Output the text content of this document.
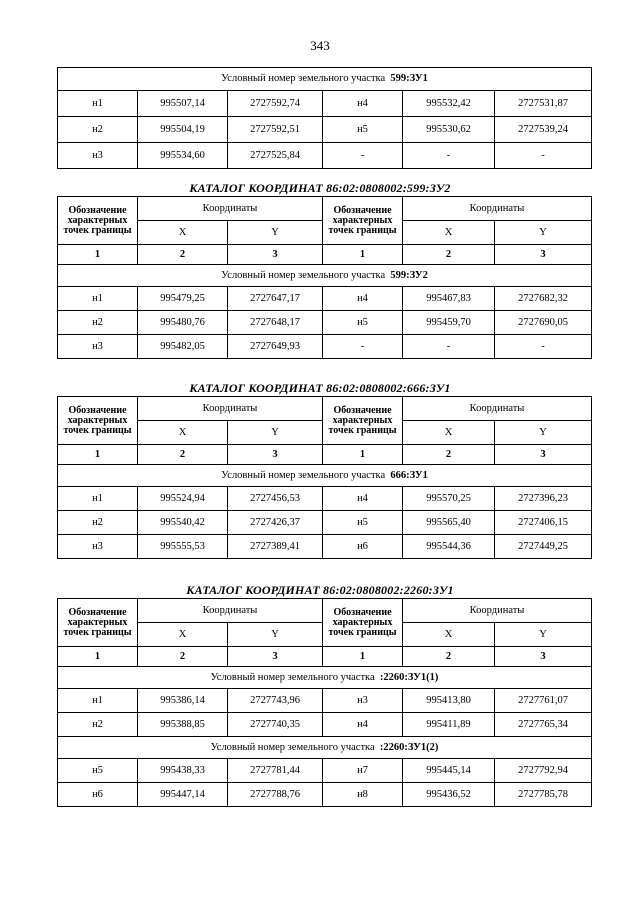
343
Условный номер земельного участка 599:ЗУ1					
н1	995507,14	2727592,74	н4	995532,42	2727531,87
н2	995504,19	2727592,51	н5	995530,62	2727539,24
н3	995534,60	2727525,84	-	-	-
КАТАЛОГ КООРДИНАТ 86:02:0808002:599:ЗУ2
Обозначение характерных точек границы	Координаты		Обозначение характерных точек границы	Координаты	
	X	Y		X	Y
1	2	3	1	2	3
Условный номер земельного участка 599:ЗУ2					
н1	995479,25	2727647,17	н4	995467,83	2727682,32
н2	995480,76	2727648,17	н5	995459,70	2727690,05
н3	995482,05	2727649,93	-	-	-
КАТАЛОГ КООРДИНАТ 86:02:0808002:666:ЗУ1
Обозначение характерных точек границы	Координаты		Обозначение характерных точек границы	Координаты	
	X	Y		X	Y
1	2	3	1	2	3
Условный номер земельного участка 666:ЗУ1					
н1	995524,94	2727456,53	н4	995570,25	2727396,23
н2	995540,42	2727426,37	н5	995565,40	2727406,15
н3	995555,53	2727389,41	н6	995544,36	2727449,25
КАТАЛОГ КООРДИНАТ 86:02:0808002:2260:ЗУ1
Обозначение характерных точек границы	Координаты		Обозначение характерных точек границы	Координаты	
	X	Y		X	Y
1	2	3	1	2	3
Условный номер земельного участка :2260:ЗУ1(1)					
н1	995386,14	2727743,96	н3	995413,80	2727761,07
н2	995388,85	2727740,35	н4	995411,89	2727765,34
Условный номер земельного участка :2260:ЗУ1(2)					
н5	995438,33	2727781,44	н7	995445,14	2727792,94
н6	995447,14	2727788,76	н8	995436,52	2727785,78
